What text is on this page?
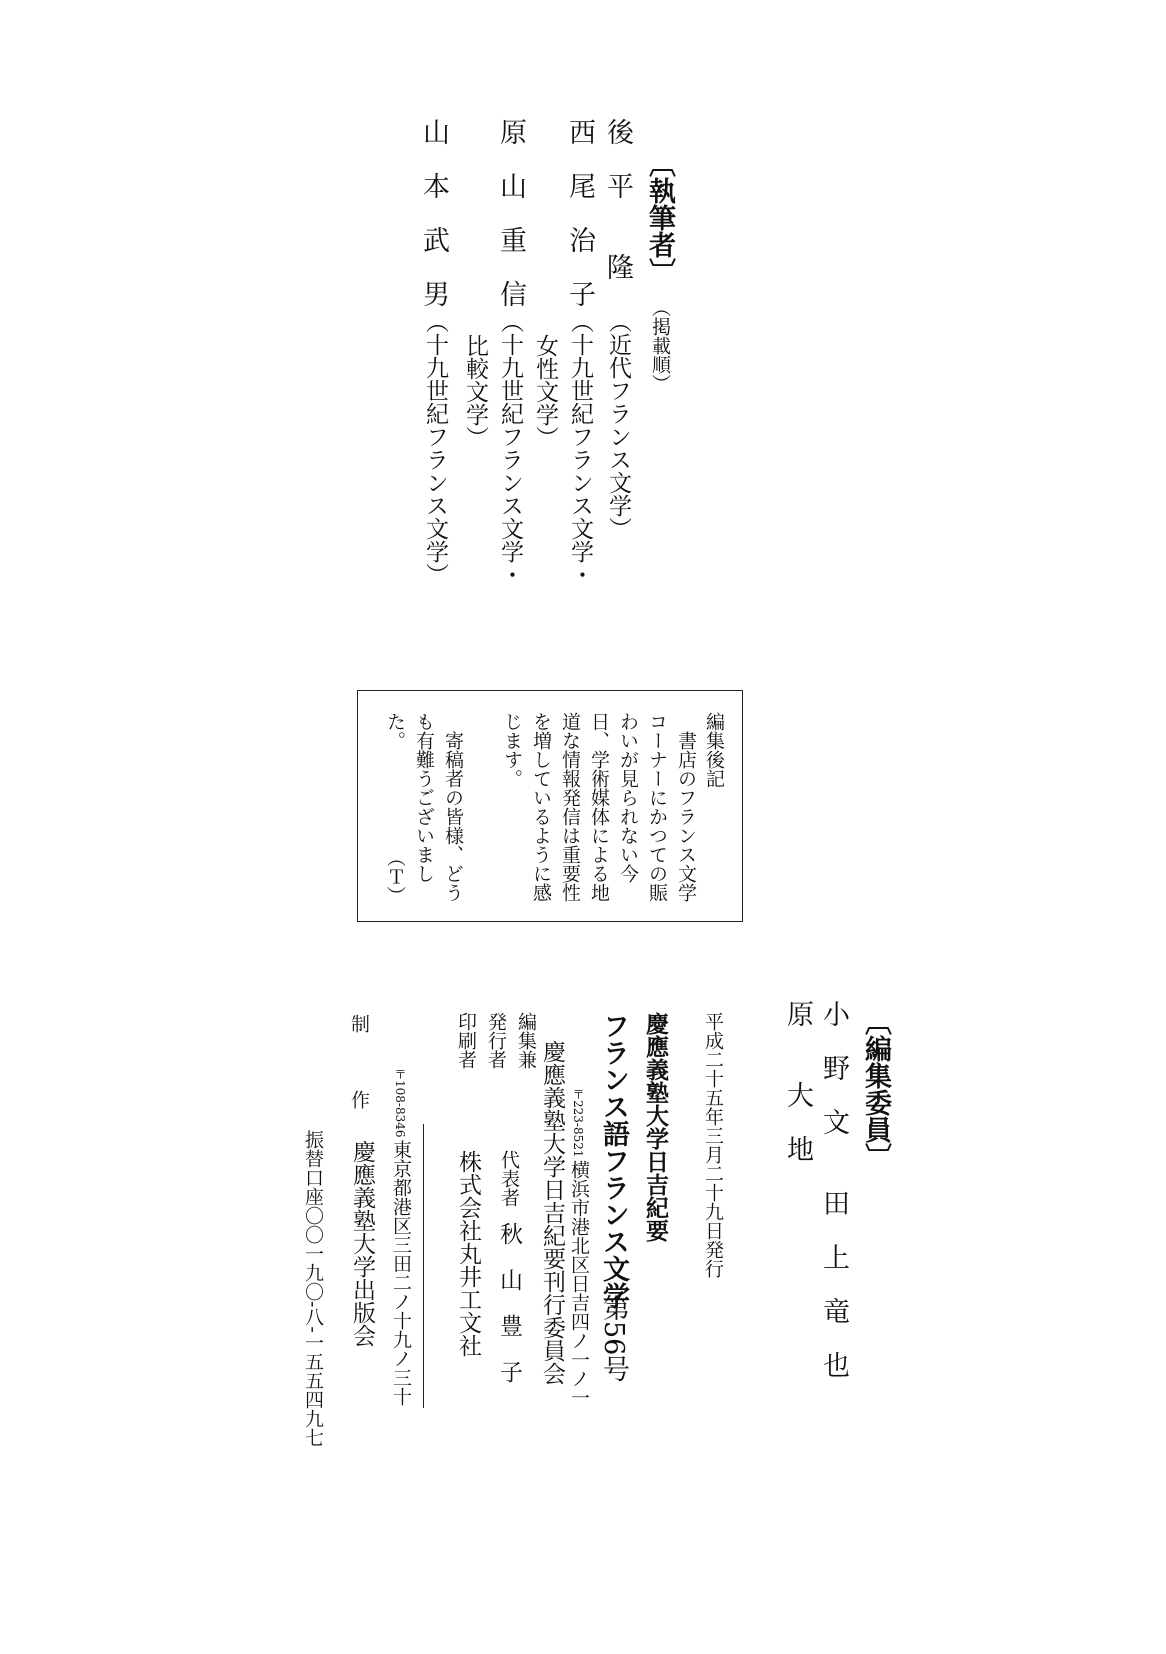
〔執筆者〕
（掲載順）
後　平　　隆
（近代フランス文学）
西　尾　治　子
（十九世紀フランス文学・
女性文学）
原　山　重　信
（十九世紀フランス文学・
比較文学）
山　本　武　男
（十九世紀フランス文学）
編集後記
　書店のフランス文学
コーナーにかつての賑
わいが見られない今
日、学術媒体による地
道な情報発信は重要性
を増しているように感
じます。
　寄稿者の皆様、どう
も有難うございまし
た。
（Ｔ）
〔編集委員〕
小　野　文　　田　上　竜　也
原　　大　地
平成二十五年三月二十九日発行
慶應義塾大学日吉紀要
フランス語フランス文学
第56号
〒223-8521
横浜市港北区日吉四ノ一ノ一
編集兼
発行者
印刷者	慶應義塾大学日吉紀要刊行委員会
代表者
秋　山　豊　子
株式会社丸井工文社
制　　　作 〒108-8346
東京都港区三田二ノ十九ノ三十
慶應義塾大学出版会
振替口座〇〇一九〇‐八‐一五五四九七
